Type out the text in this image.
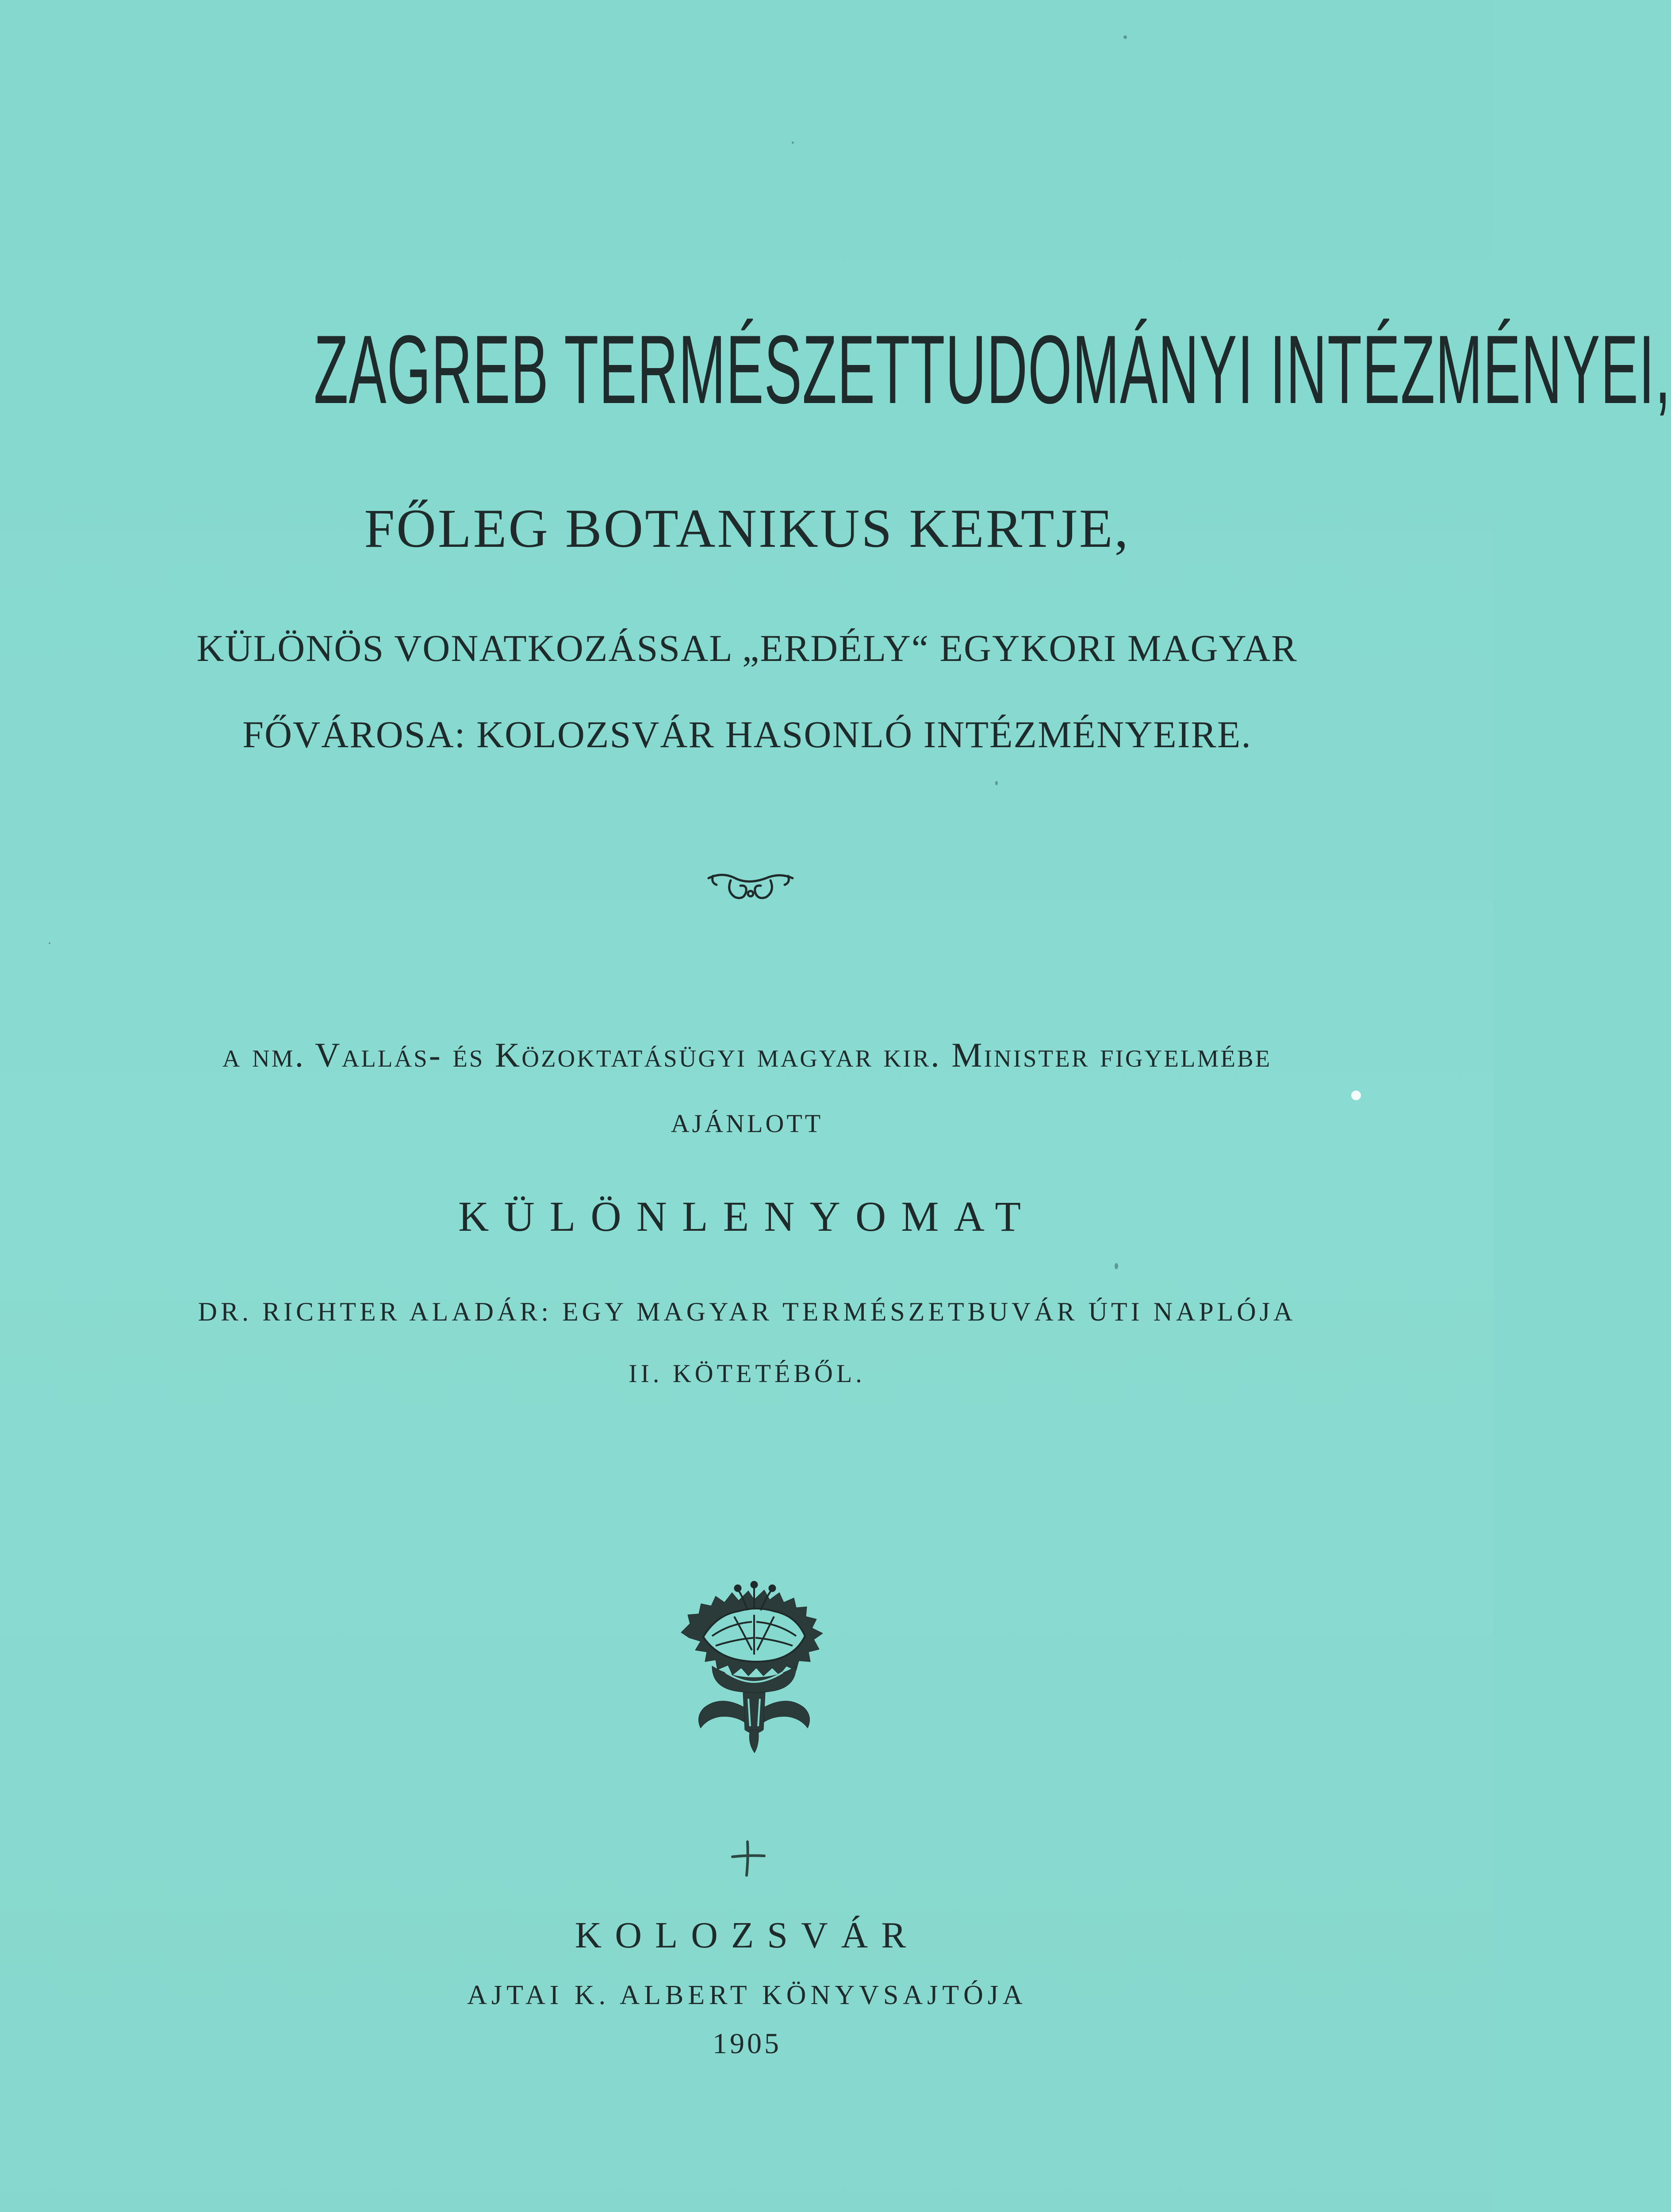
ZAGREB TERMÉSZETTUDOMÁNYI INTÉZMÉNYEI,

FŐLEG BOTANIKUS KERTJE,

KÜLÖNÖS VONATKOZÁSSAL „ERDÉLY“ EGYKORI MAGYAR

FŐVÁROSA: KOLOZSVÁR HASONLÓ INTÉZMÉNYEIRE.

a nm. Vallás- és Közoktatásügyi magyar kir. Minister figyelmébe

AJÁNLOTT

KÜLÖNLENYOMAT

DR. RICHTER ALADÁR: EGY MAGYAR TERMÉSZETBUVÁR ÚTI NAPLÓJA

II. KÖTETÉBŐL.

KOLOZSVÁR

AJTAI K. ALBERT KÖNYVSAJTÓJA

1905
